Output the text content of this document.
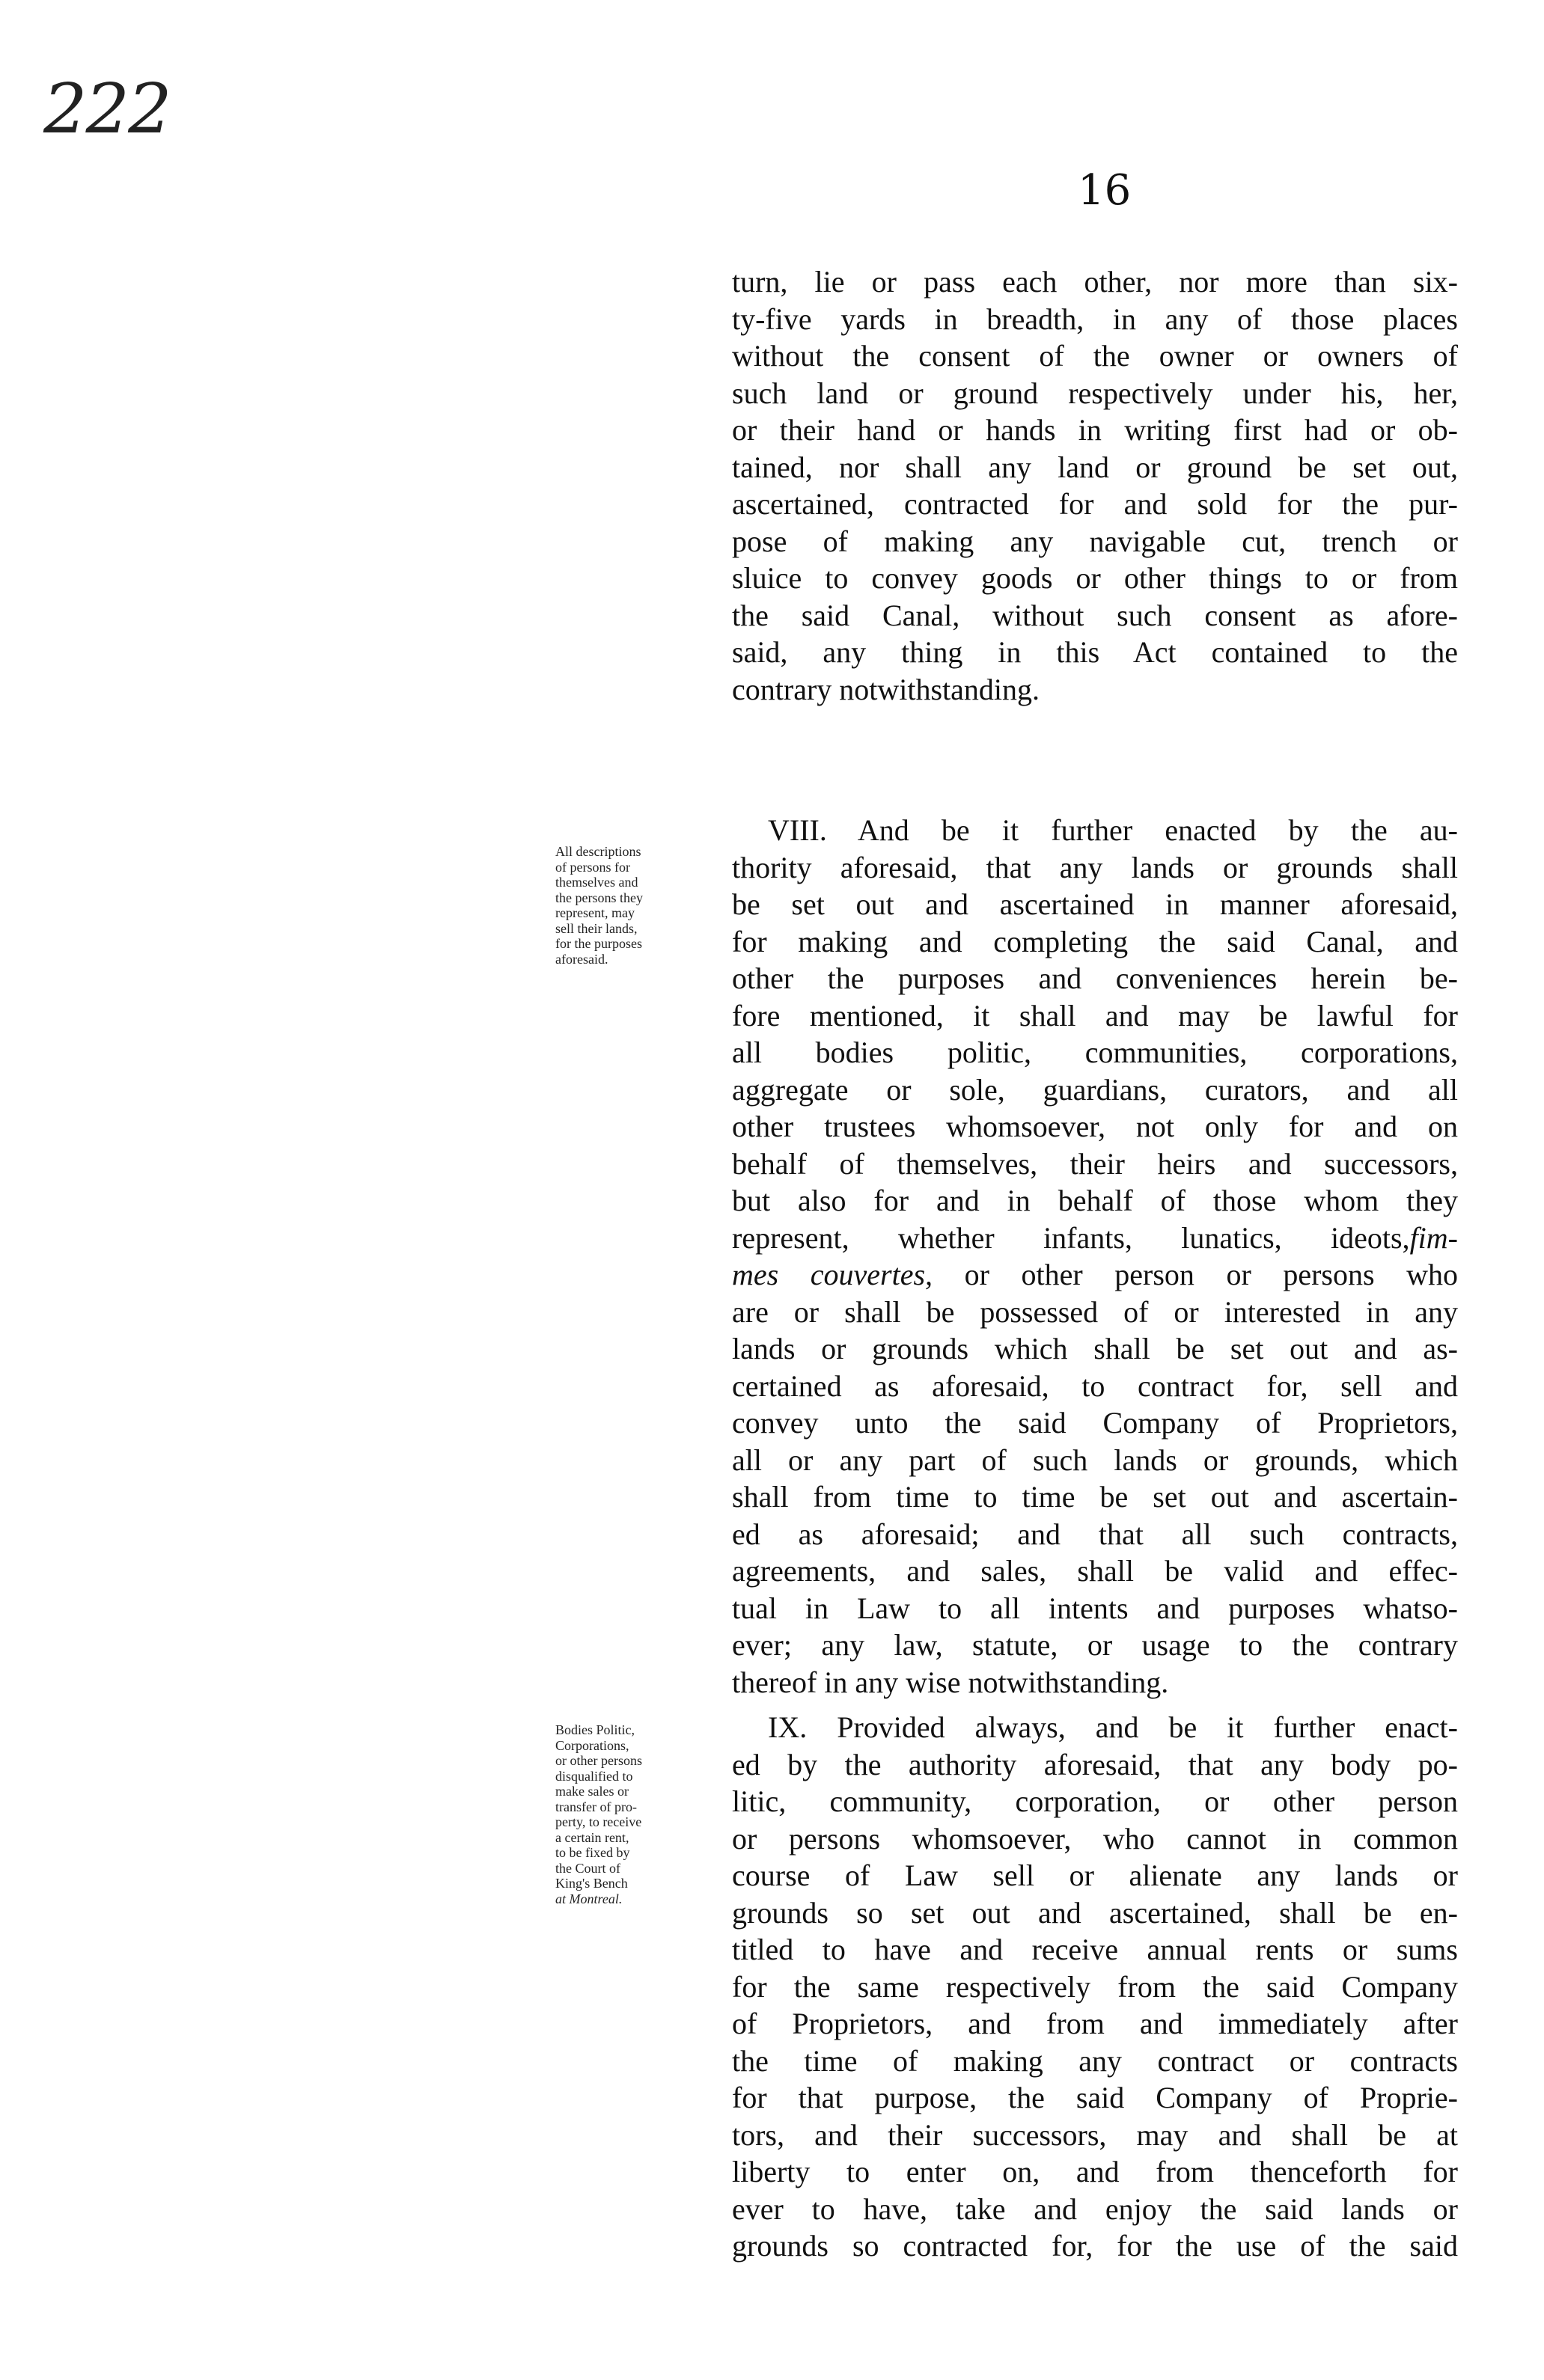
222
16
turn, lie or pass each other, nor more than six-
ty-five yards in breadth, in any of those places
without the consent of the owner or owners of
such land or ground respectively under his, her,
or their hand or hands in writing first had or ob-
tained, nor shall any land or ground be set out,
ascertained, contracted for and sold for the pur-
pose of making any navigable cut, trench or
sluice to convey goods or other things to or from
the said Canal, without such consent as afore-
said, any thing in this Act contained to the
contrary notwithstanding.
All descriptions
of persons for
themselves and
the persons they
represent, may
sell their lands,
for the purposes
aforesaid.
VIII. And be it further enacted by the au-
thority aforesaid, that any lands or grounds shall
be set out and ascertained in manner aforesaid,
for making and completing the said Canal, and
other the purposes and conveniences herein be-
fore mentioned, it shall and may be lawful for
all bodies politic, communities, corporations,
aggregate or sole, guardians, curators, and all
other trustees whomsoever, not only for and on
behalf of themselves, their heirs and successors,
but also for and in behalf of those whom they
represent, whether infants, lunatics, ideots,fim-
mes couvertes, or other person or persons who
are or shall be possessed of or interested in any
lands or grounds which shall be set out and as-
certained as aforesaid, to contract for, sell and
convey unto the said Company of Proprietors,
all or any part of such lands or grounds, which
shall from time to time be set out and ascertain-
ed as aforesaid; and that all such contracts,
agreements, and sales, shall be valid and effec-
tual in Law to all intents and purposes whatso-
ever; any law, statute, or usage to the contrary
thereof in any wise notwithstanding.
Bodies Politic,
Corporations,
or other persons
disqualified to
make sales or
transfer of pro-
perty, to receive
a certain rent,
to be fixed by
the Court of
King's Bench
at Montreal.
IX. Provided always, and be it further enact-
ed by the authority aforesaid, that any body po-
litic, community, corporation, or other person
or persons whomsoever, who cannot in common
course of Law sell or alienate any lands or
grounds so set out and ascertained, shall be en-
titled to have and receive annual rents or sums
for the same respectively from the said Company
of Proprietors, and from and immediately after
the time of making any contract or contracts
for that purpose, the said Company of Proprie-
tors, and their successors, may and shall be at
liberty to enter on, and from thenceforth for
ever to have, take and enjoy the said lands or
grounds so contracted for, for the use of the said
